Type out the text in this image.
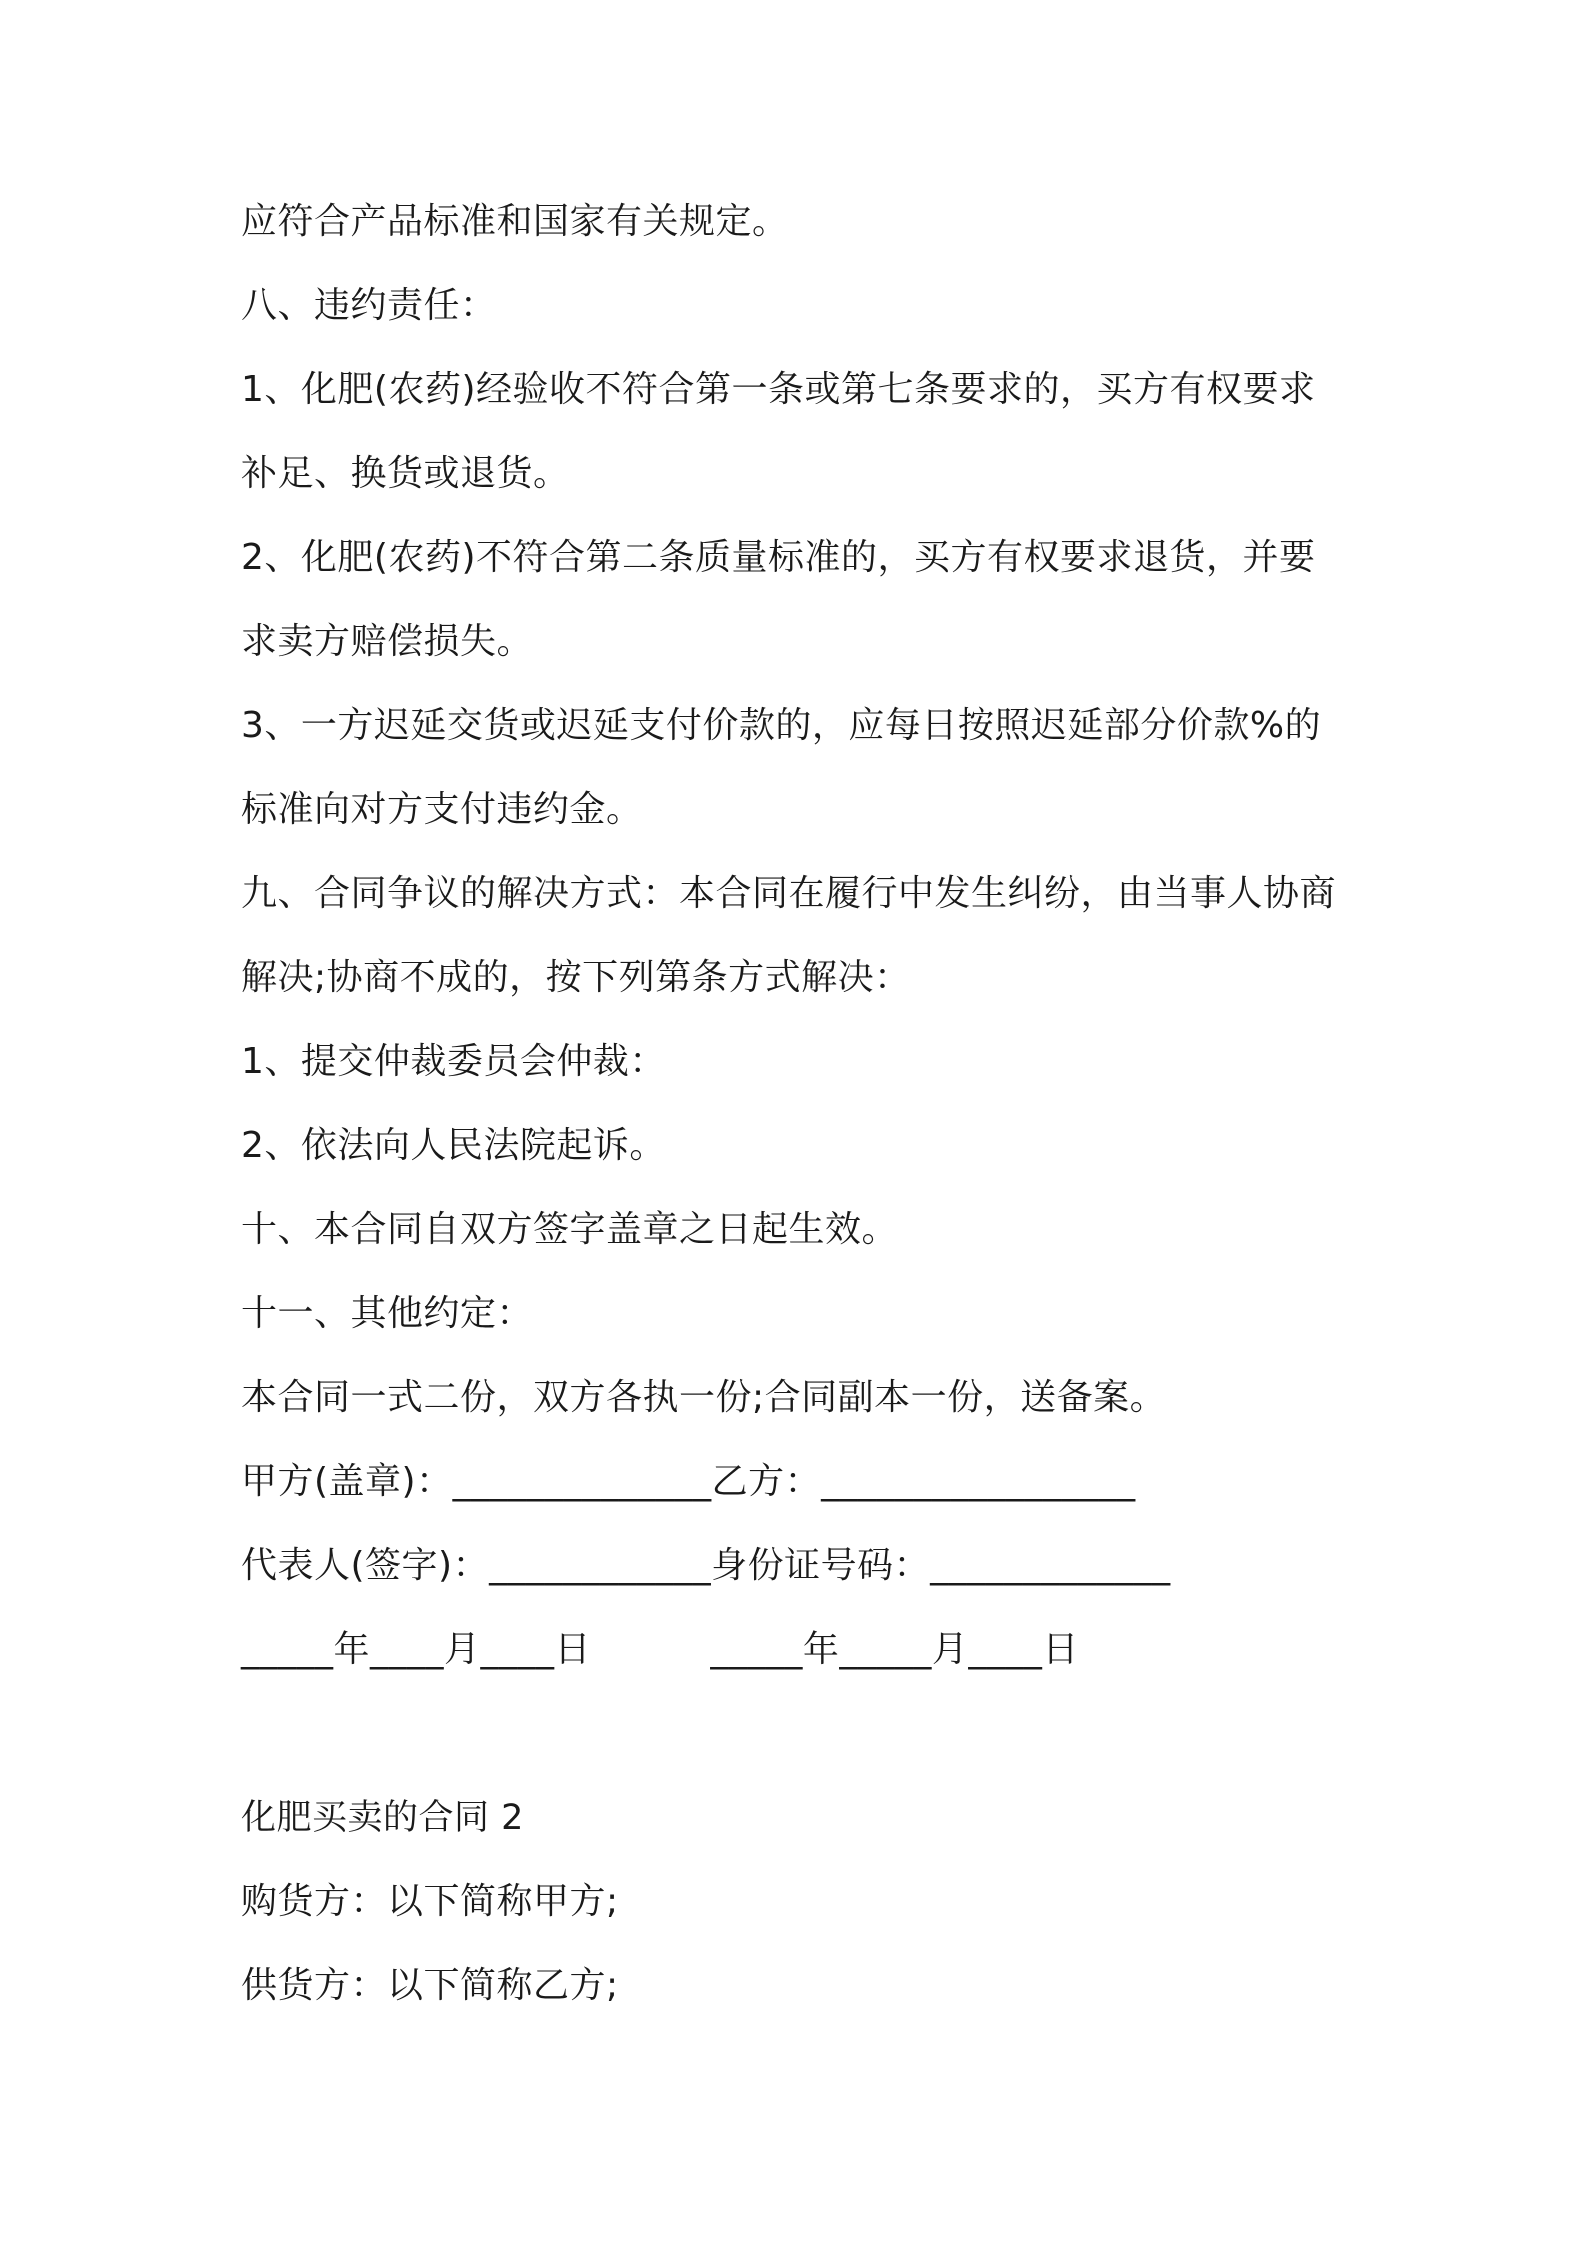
应符合产品标准和国家有关规定。
八、违约责任：
1、化肥(农药)经验收不符合第一条或第七条要求的，买方有权要求
补足、换货或退货。
2、化肥(农药)不符合第二条质量标准的，买方有权要求退货，并要
求卖方赔偿损失。
3、一方迟延交货或迟延支付价款的，应每日按照迟延部分价款%的
标准向对方支付违约金。
九、合同争议的解决方式：本合同在履行中发生纠纷，由当事人协商
解决;协商不成的，按下列第条方式解决：
1、提交仲裁委员会仲裁：
2、依法向人民法院起诉。
十、本合同自双方签字盖章之日起生效。
十一、其他约定：
本合同一式二份，双方各执一份;合同副本一份，送备案。
甲方(盖章)：______________乙方：_________________
代表人(签字)：____________身份证号码：_____________
_____年____月____日          _____年_____月____日
化肥买卖的合同 2
购货方：以下简称甲方;
供货方：以下简称乙方;
